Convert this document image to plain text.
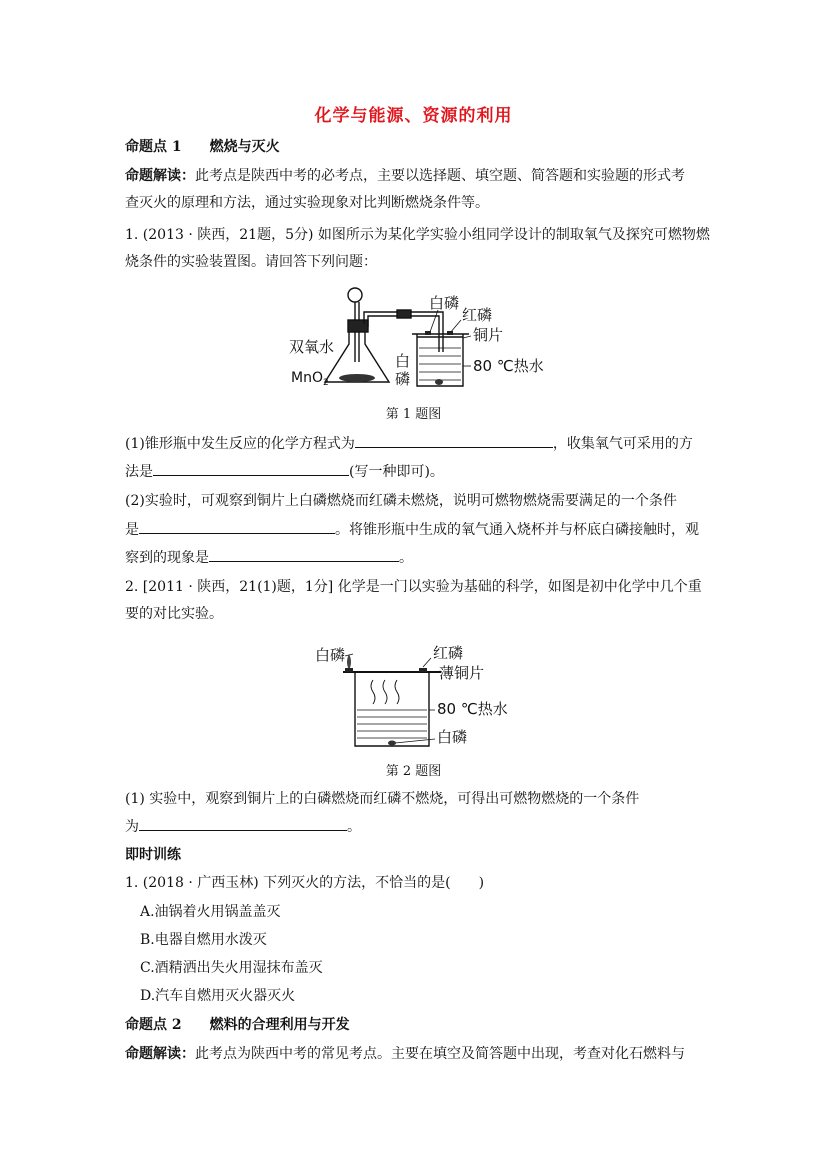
化学与能源、资源的利用
命题点 1　　燃烧与灭火
命题解读：此考点是陕西中考的必考点，主要以选择题、填空题、简答题和实验题的形式考
查灭火的原理和方法，通过实验现象对比判断燃烧条件等。
1. (2013 · 陕西，21题，5分) 如图所示为某化学实验小组同学设计的制取氧气及探究可燃物燃
烧条件的实验装置图。请回答下列问题：
白磷
红磷
铜片
双氧水
MnO$_2$
白
磷
80 ℃热水
第 1 题图
(1)锥形瓶中发生反应的化学方程式为	，收集氧气可采用的方
法是	(写一种即可)。
(2)实验时，可观察到铜片上白磷燃烧而红磷未燃烧，说明可燃物燃烧需要满足的一个条件
是	。将锥形瓶中生成的氧气通入烧杯并与杯底白磷接触时，观
察到的现象是	。
2. [2011 · 陕西，21(1)题，1分] 化学是一门以实验为基础的科学，如图是初中化学中几个重
要的对比实验。
白磷	红磷
薄铜片
80 ℃热水
白磷
第 2 题图
(1) 实验中，观察到铜片上的白磷燃烧而红磷不燃烧，可得出可燃物燃烧的一个条件
为	。
即时训练
1. (2018 · 广西玉林) 下列灭火的方法，不恰当的是(　　)
A.油锅着火用锅盖盖灭
B.电器自燃用水泼灭
C.酒精洒出失火用湿抹布盖灭
D.汽车自燃用灭火器灭火
命题点 2　　燃料的合理利用与开发
命题解读：此考点为陕西中考的常见考点。主要在填空及简答题中出现，考查对化石燃料与
